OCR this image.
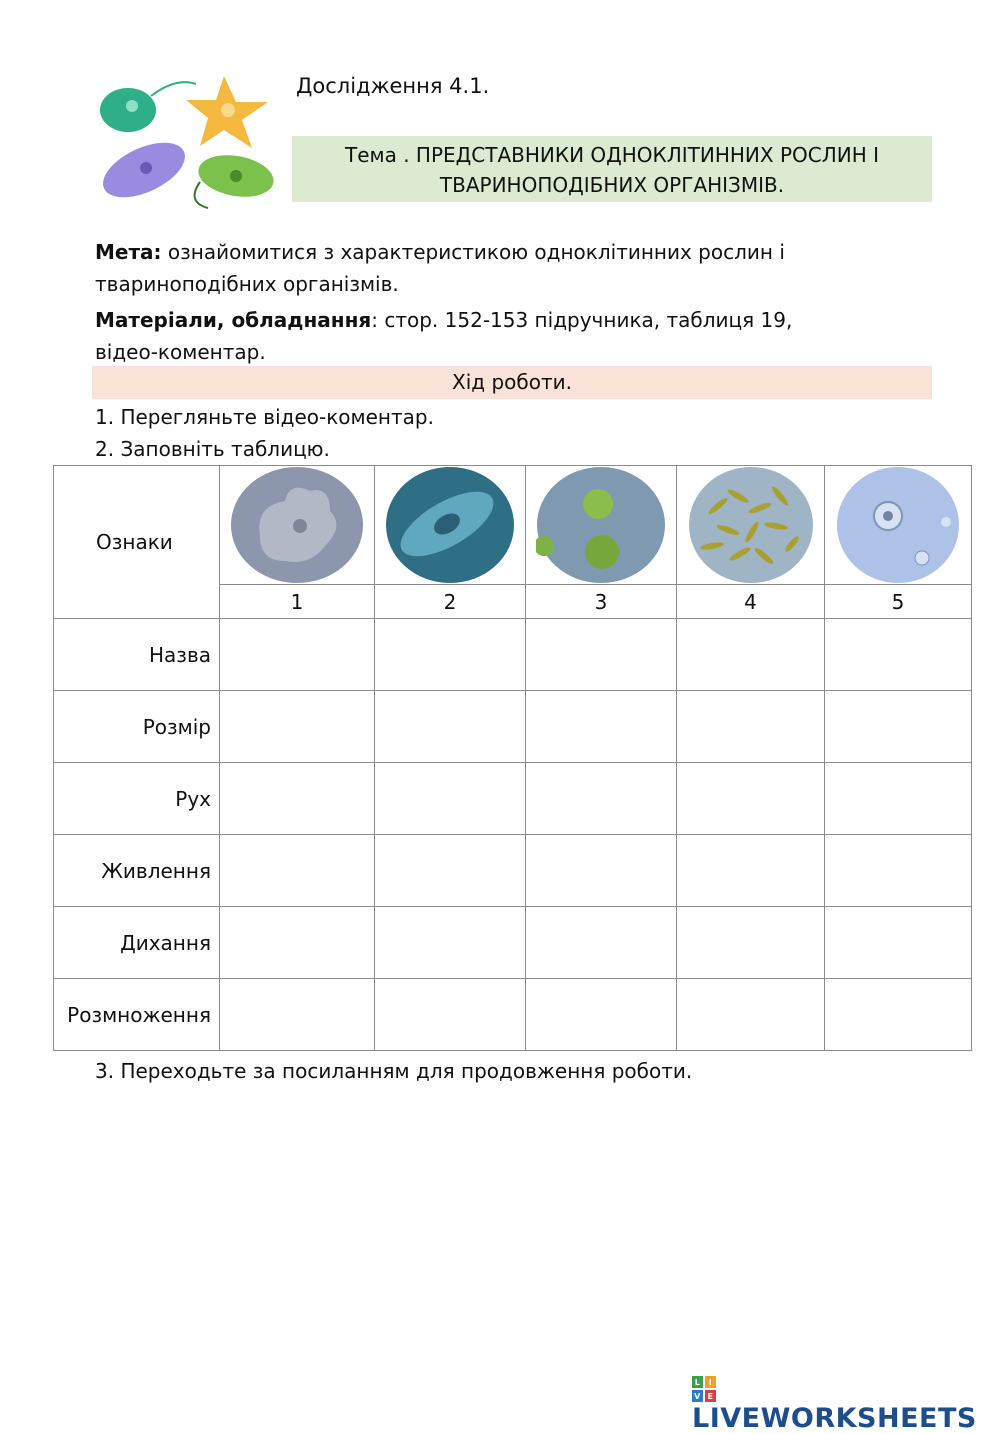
Дослідження 4.1.
Тема . ПРЕДСТАВНИКИ ОДНОКЛІТИННИХ РОСЛИН І
ТВАРИНОПОДІБНИХ ОРГАНІЗМІВ.
Мета: ознайомитися з характеристикою одноклітинних рослин і
твариноподібних організмів.
Матеріали, обладнання: стор. 152-153 підручника, таблиця 19,
відео-коментар.
Хід роботи.
1. Перегляньте відео-коментар.
2. Заповніть таблицю.
Ознаки	

	1	2	3	4	5
Назва					
Розмір					
Рух					
Живлення					
Дихання					
Розмноження					
3. Переходьте за посиланням для продовження роботи.
L I
V E
LIVEWORKSHEETS
